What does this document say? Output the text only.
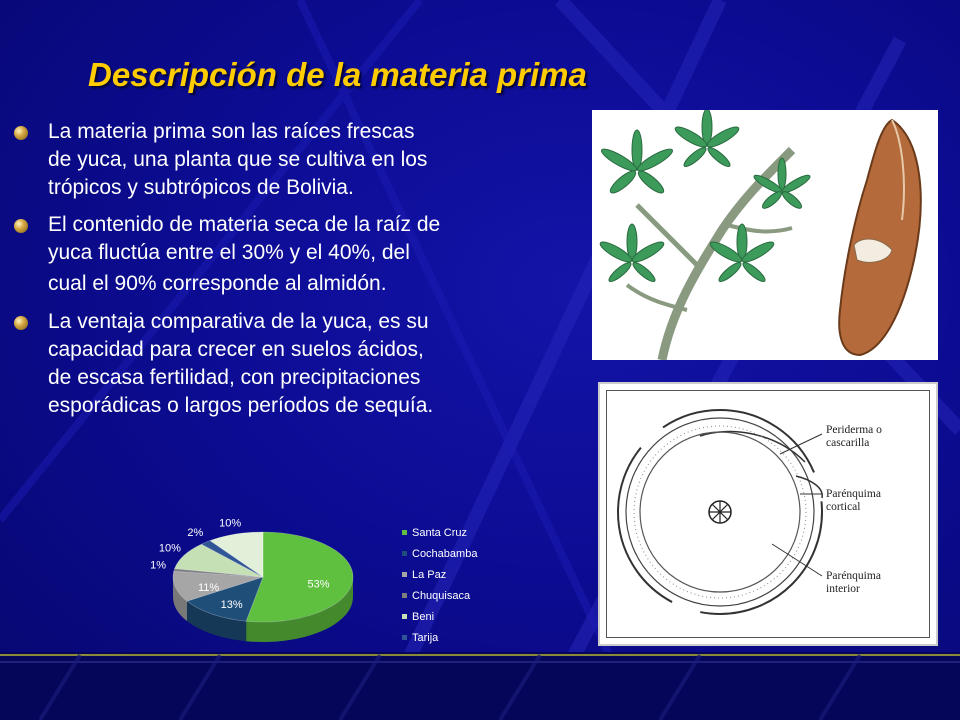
Descripción de la materia prima
La materia prima son las raíces frescas
de yuca, una planta que se cultiva en los
trópicos y subtrópicos de Bolivia.
El contenido de materia seca de la raíz de
yuca fluctúa entre el 30% y el 40%, del
cual el 90% corresponde al almidón.
La ventaja comparativa de la yuca, es su
capacidad para crecer en suelos ácidos,
de escasa fertilidad, con precipitaciones
esporádicas o largos períodos de sequía.
Periderma o
cascarilla
Parénquima
cortical
Parénquima
interior
53%
13%
11%
1%
10%
2%
10%
Santa Cruz
Cochabamba
La Paz
Chuquisaca
Beni
Tarija
